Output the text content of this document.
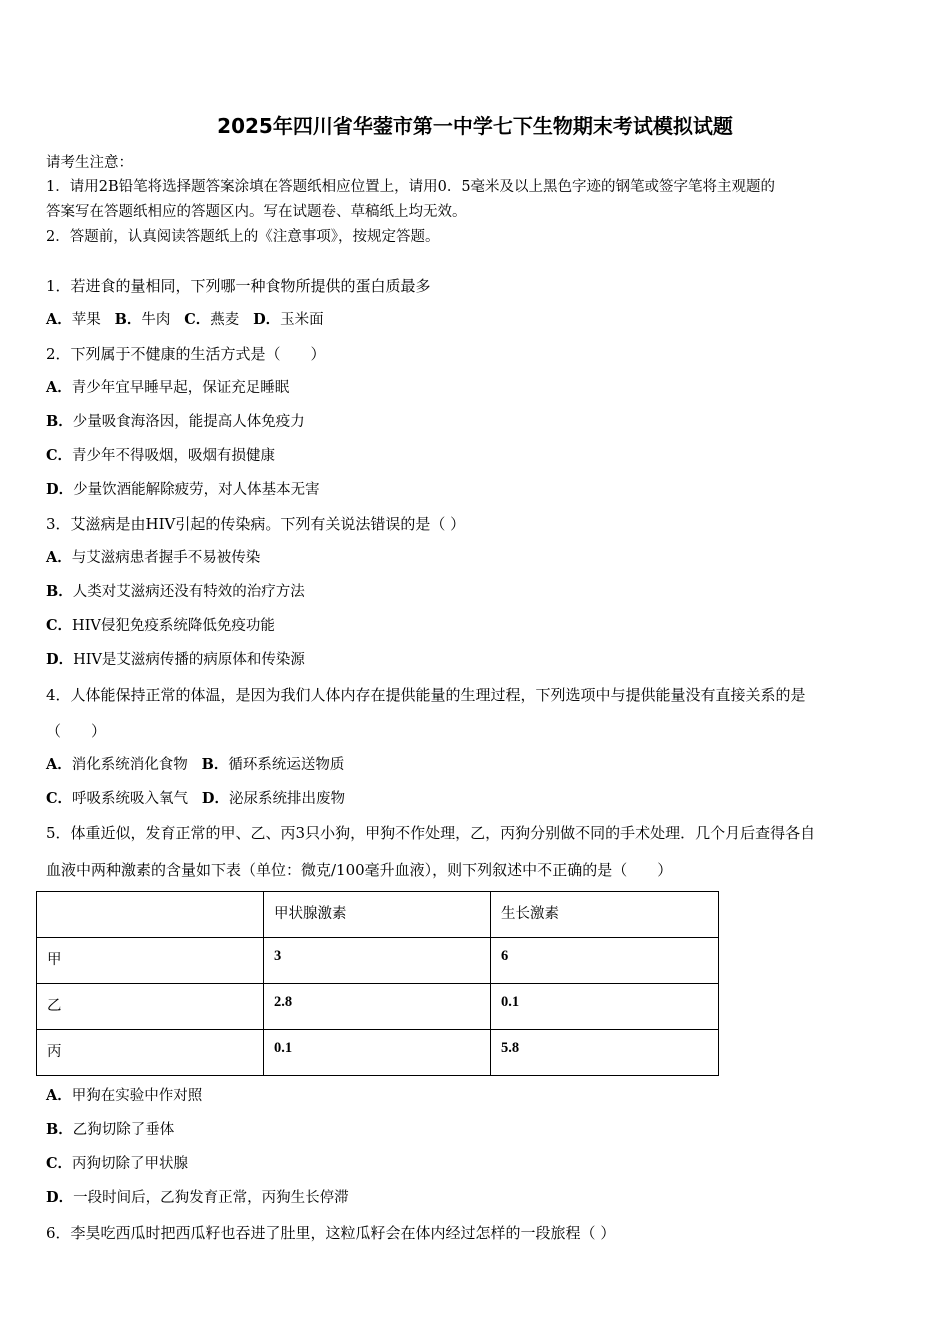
2025年四川省华蓥市第一中学七下生物期末考试模拟试题
请考生注意：
1．请用2B铅笔将选择题答案涂填在答题纸相应位置上，请用0．5毫米及以上黑色字迹的钢笔或签字笔将主观题的
答案写在答题纸相应的答题区内。写在试题卷、草稿纸上均无效。
2．答题前，认真阅读答题纸上的《注意事项》，按规定答题。
1．若进食的量相同，下列哪一种食物所提供的蛋白质最多
A．苹果 B．牛肉 C．燕麦 D．玉米面
2．下列属于不健康的生活方式是（　　）
A．青少年宜早睡早起，保证充足睡眠
B．少量吸食海洛因，能提高人体免疫力
C．青少年不得吸烟，吸烟有损健康
D．少量饮酒能解除疲劳，对人体基本无害
3．艾滋病是由HIV引起的传染病。下列有关说法错误的是（ ）
A．与艾滋病患者握手不易被传染
B．人类对艾滋病还没有特效的治疗方法
C．HIV侵犯免疫系统降低免疫功能
D．HIV是艾滋病传播的病原体和传染源
4．人体能保持正常的体温，是因为我们人体内存在提供能量的生理过程，下列选项中与提供能量没有直接关系的是
（　　）
A．消化系统消化食物 B．循环系统运送物质
C．呼吸系统吸入氧气 D．泌尿系统排出废物
5．体重近似，发育正常的甲、乙、丙3只小狗，甲狗不作处理，乙，丙狗分别做不同的手术处理．几个月后查得各自
血液中两种激素的含量如下表（单位：微克/100毫升血液），则下列叙述中不正确的是（　　）
	甲状腺激素	生长激素
甲	3	6
乙	2.8	0.1
丙	0.1	5.8
A．甲狗在实验中作对照
B．乙狗切除了垂体
C．丙狗切除了甲状腺
D．一段时间后，乙狗发育正常，丙狗生长停滞
6．李昊吃西瓜时把西瓜籽也吞进了肚里，这粒瓜籽会在体内经过怎样的一段旅程（ ）
